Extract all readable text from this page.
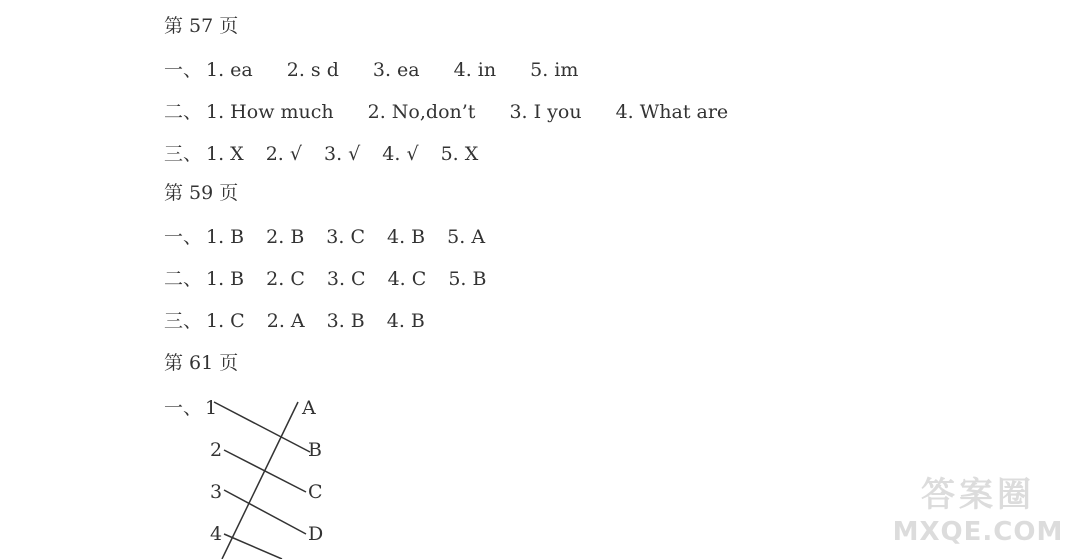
第 57 页
一、 1. ea 2. s d 3. ea 4. in 5. im
二、 1. How much 2. No,don’t 3. I you 4. What are
三、 1. X 2. √ 3. √ 4. √ 5. X
第 59 页
一、 1. B 2. B 3. C 4. B 5. A
二、 1. B 2. C 3. C 4. C 5. B
三、 1. C 2. A 3. B 4. B
第 61 页
一、 1
2
3
4
A
B
C
D
答案圈
MXQE.COM
